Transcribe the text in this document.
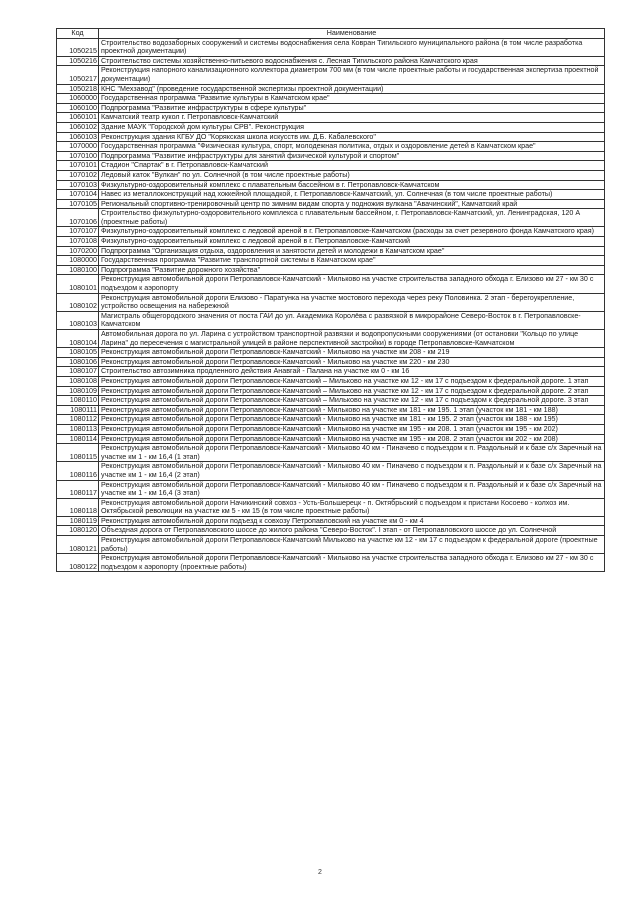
Код	Наименование
1050215	Строительство водозаборных сооружений и системы водоснабжения села Ковран Тигильского муниципального района (в том числе разработка проектной документации)
1050216	Строительство системы хозяйственно-питьевого водоснабжения с. Лесная Тигильского района Камчатского края
1050217	Реконструкция напорного канализационного коллектора диаметром 700 мм (в том числе проектные работы и государственная экспертиза проектной документации)
1050218	КНС "Мехзавод" (проведение государственной экспертизы проектной документации)
1060000	Государственная программа "Развитие культуры в Камчатском крае"
1060100	Подпрограмма "Развитие инфраструктуры в сфере культуры"
1060101	Камчатский театр кукол г. Петропавловск-Камчатский
1060102	Здание МАУК "Городской дом культуры СРВ". Реконструкция
1060103	Реконструкция здания КГБУ ДО "Корякская школа искусств им. Д.Б. Кабалевского"
1070000	Государственная программа "Физическая культура, спорт, молодежная политика, отдых и оздоровление детей в Камчатском крае"
1070100	Подпрограмма "Развитие инфраструктуры для занятий физической культурой и спортом"
1070101	Стадион "Спартак" в г. Петропавловск-Камчатский
1070102	Ледовый каток "Вулкан" по ул. Солнечной (в том числе проектные работы)
1070103	Физкультурно-оздоровительный комплекс с плавательным бассейном в г. Петропавловск-Камчатском
1070104	Навес из металлоконструкций над хоккейной площадкой, г. Петропавловск-Камчатский, ул. Солнечная (в том числе проектные работы)
1070105	Региональный спортивно-тренировочный центр по зимним видам спорта у подножия вулкана "Авачинский", Камчатский край
1070106	Строительство физкультурно-оздоровительного комплекса с плавательным бассейном, г. Петропавловск-Камчатский, ул. Ленинградская, 120 А (проектные работы)
1070107	Физкультурно-оздоровительный комплекс с ледовой ареной в г. Петропавловске-Камчатском (расходы за счет резервного фонда Камчатского края)
1070108	Физкультурно-оздоровительный комплекс с ледовой ареной в г. Петропавловске-Камчатский
1070200	Подпрограмма "Организация отдыха, оздоровления и занятости детей и молодежи в Камчатском крае"
1080000	Государственная программа "Развитие транспортной системы в Камчатском крае"
1080100	Подпрограмма "Развитие дорожного хозяйства"
1080101	Реконструкция автомобильной дороги Петропавловск-Камчатский - Мильково на участке строительства западного обхода г. Елизово км 27 - км 30 с подъездом к аэропорту
1080102	Реконструкция автомобильной дороги Елизово - Паратунка на участке мостового перехода через реку Половинка. 2 этап - берегоукрепление, устройство освещения на набережной
1080103	Магистраль общегородского значения от поста ГАИ до ул. Академика Королёва с развязкой в микрорайоне Северо-Восток в г. Петропавловске-Камчатском
1080104	Автомобильная дорога по ул. Ларина с устройством транспортной развязки и водопропускными сооружениями (от остановки "Кольцо по улице Ларина" до пересечения с магистральной улицей в районе перспективной застройки) в городе Петропавловске-Камчатском
1080105	Реконструкция автомобильной дороги Петропавловск-Камчатский - Мильково на участке км 208 - км 219
1080106	Реконструкция автомобильной дороги Петропавловск-Камчатский - Мильково на участке км 220 - км 230
1080107	Строительство автозимника продленного действия Анавгай - Палана на участке км 0 - км 16
1080108	Реконструкция автомобильной дороги Петропавловск-Камчатский – Мильково на участке км 12 - км 17 с подъездом к федеральной дороге. 1 этап
1080109	Реконструкция автомобильной дороги Петропавловск-Камчатский – Мильково на участке км 12 - км 17 с подъездом к федеральной дороге. 2 этап
1080110	Реконструкция автомобильной дороги Петропавловск-Камчатский – Мильково на участке км 12 - км 17 с подъездом к федеральной дороге. 3 этап
1080111	Реконструкция автомобильной дороги Петропавловск-Камчатский - Мильково на участке км 181 - км 195. 1 этап (участок км 181 - км 188)
1080112	Реконструкция автомобильной дороги Петропавловск-Камчатский - Мильково на участке км 181 - км 195. 2 этап (участок км 188 - км 195)
1080113	Реконструкция автомобильной дороги Петропавловск-Камчатский - Мильково на участке км 195 - км 208. 1 этап (участок км 195 - км 202)
1080114	Реконструкция автомобильной дороги Петропавловск-Камчатский - Мильково на участке км 195 - км 208. 2 этап (участок км 202 - км 208)
1080115	Реконструкция автомобильной дороги Петропавловск-Камчатский - Мильково 40 км - Пиначево с подъездом к п. Раздольный и к базе с/х Заречный на участке км 1 - км 16,4 (1 этап)
1080116	Реконструкция автомобильной дороги Петропавловск-Камчатский - Мильково 40 км - Пиначево с подъездом к п. Раздольный и к базе с/х Заречный на участке км 1 - км 16,4 (2 этап)
1080117	Реконструкция автомобильной дороги Петропавловск-Камчатский - Мильково 40 км - Пиначево с подъездом к п. Раздольный и к базе с/х Заречный на участке км 1 - км 16,4 (3 этап)
1080118	Реконструкция автомобильной дороги Начикинский совхоз - Усть-Большерецк - п. Октябрьский с подъездом к пристани Косоево - колхоз им. Октябрьской революции на участке км 5 - км 15 (в том числе проектные работы)
1080119	Реконструкция автомобильной дороги подъезд к совхозу Петропавловский на участке км 0 - км 4
1080120	Объездная дорога от Петропавловского шоссе до жилого района "Северо-Восток". I этап - от Петропавловского шоссе до ул. Солнечной
1080121	Реконструкция автомобильной дороги Петропавловск-Камчатский Мильково на участке км 12 - км 17 с подъездом к федеральной дороге (проектные работы)
1080122	Реконструкция автомобильной дороги Петропавловск-Камчатский - Мильково на участке строительства западного обхода г. Елизово км 27 - км 30 с подъездом к аэропорту (проектные работы)
2
